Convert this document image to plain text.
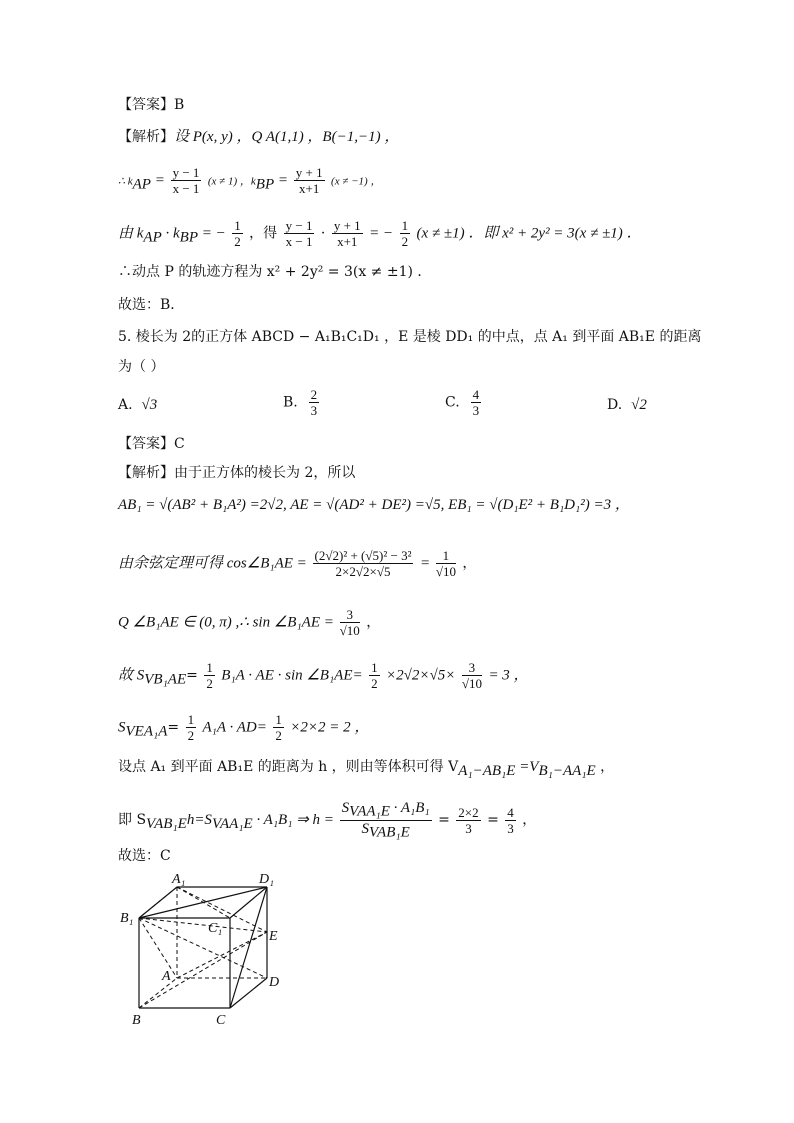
【答案】B
【解析】设 P(x, y) ，Q A(1,1) ，B(−1,−1) ，
∴ $k_{AP} = \frac{y - 1}{x - 1} (x \ne 1)$ ，$k_{BP} = \frac{y + 1}{x+1} (x \ne -1)$ ，
由 $k_{AP} \cdot k_{BP}$ = − $\frac{1}{2}$ ，得 $\frac{y - 1}{x - 1} \cdot \frac{y + 1}{x+1}$ = − $\frac{1}{2} (x \ne \pm 1)$ ．即 x² + 2y² = 3(x ≠ ±1) ．
∴动点 P 的轨迹方程为 x² + 2y² = 3(x ≠ ±1) ．
故选：B．
5. 棱长为 2的正方体 ABCD − A₁B₁C₁D₁ ，E 是棱 DD₁ 的中点，点 A₁ 到平面 AB₁E 的距离
为（ ）
A. √3	B. $\frac{2}{3}$	C. $\frac{4}{3}$	D. √2
【答案】C
【解析】由于正方体的棱长为 2，所以
AB₁ = √(AB² + B₁A²) =2√2, AE = √(AD² + DE²) =√5, EB₁ = √(D₁E² + B₁D₁²) =3 ，
由余弦定理可得 cos∠B₁AE = $\frac{\text{(2√2)² + (√5)² − 3²}}{2\times 2√2\times√5} = \frac{1}{√10}$ ，
Q ∠B₁AE ∈ (0, π) ,∴ sin ∠B₁AE = $\frac{3}{√10}$ ，
故 $S_{VB_1AE}= \frac{1}{2} B_1A$ · AE · sin ∠B₁AE= $\frac{1}{2} \times 2√2\times√5\times \frac{3}{√10} = 3$ ，
$S_{VEA_1A}= \frac{1}{2} A_1A \cdot AD= \frac{1}{2} \times 2\times 2 = 2$ ，
设点 A₁ 到平面 AB₁E 的距离为 h ，则由等体积可得 $V_{A_1-AB_1E} =V_{B_1-AA_1E}$ ，
即 $S_{VAB_1E}h=S_{VAA_1E} \cdot A_1B_1$ ⇒ $h = \frac{S_{VAA_1E} \cdot A_1B_1}{S_{VAB_1E}} = \frac{2\times 2}{3} = \frac{4}{3}$ ，
故选：C
A₁	D₁
B₁
C₁
E
A	D
B	C
